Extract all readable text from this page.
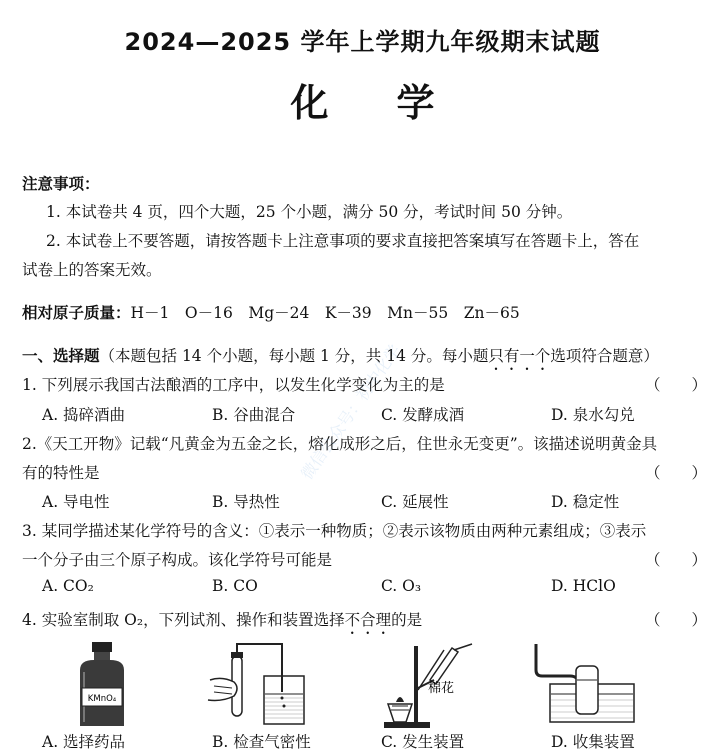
2024—2025 学年上学期九年级期末试题
化 学
注意事项：
1. 本试卷共 4 页，四个大题，25 个小题，满分 50 分，考试时间 50 分钟。
2. 本试卷上不要答题，请按答题卡上注意事项的要求直接把答案填写在答题卡上，答在
试卷上的答案无效。
相对原子质量：H－1　O－16　Mg－24　K－39　Mn－55　Zn－65
一、选择题（本题包括 14 个小题，每小题 1 分，共 14 分。每小题只有一个选项符合题意）
1. 下列展示我国古法酿酒的工序中，以发生化学变化为主的是	（　　）
A. 捣碎酒曲	B. 谷曲混合	C. 发酵成酒	D. 泉水勾兑
2.《天工开物》记载“凡黄金为五金之长，熔化成形之后，住世永无变更”。该描述说明黄金具
有的特性是	（　　）
A. 导电性	B. 导热性	C. 延展性	D. 稳定性
3. 某同学描述某化学符号的含义：①表示一种物质；②表示该物质由两种元素组成；③表示
一个分子由三个原子构成。该化学符号可能是	（　　）
A. CO₂	B. CO	C. O₃	D. HClO
4. 实验室制取 O₂，下列试剂、操作和装置选择不合理的是	（　　）
KMnO₄
棉花
A. 选择药品	B. 检查气密性	C. 发生装置	D. 收集装置
微信公众号：初中化学
